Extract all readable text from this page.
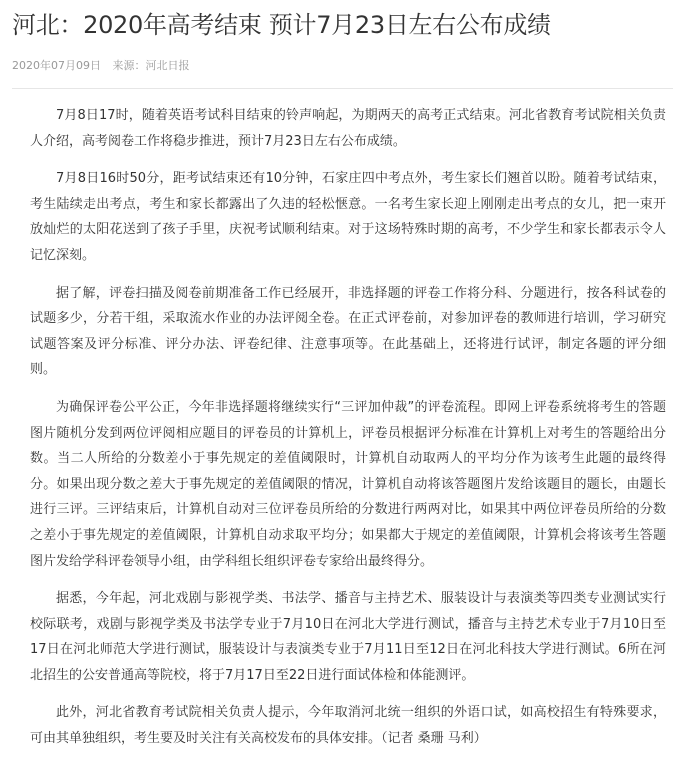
河北：2020年高考结束 预计7月23日左右公布成绩
2020年07月09日 来源：河北日报

7月8日17时，随着英语考试科目结束的铃声响起，为期两天的高考正式结束。河北省教育考试院相关负责人介绍，高考阅卷工作将稳步推进，预计7月23日左右公布成绩。

7月8日16时50分，距考试结束还有10分钟，石家庄四中考点外，考生家长们翘首以盼。随着考试结束，考生陆续走出考点，考生和家长都露出了久违的轻松惬意。一名考生家长迎上刚刚走出考点的女儿，把一束开放灿烂的太阳花送到了孩子手里，庆祝考试顺利结束。对于这场特殊时期的高考，不少学生和家长都表示令人记忆深刻。

据了解，评卷扫描及阅卷前期准备工作已经展开，非选择题的评卷工作将分科、分题进行，按各科试卷的试题多少，分若干组，采取流水作业的办法评阅全卷。在正式评卷前，对参加评卷的教师进行培训，学习研究试题答案及评分标准、评分办法、评卷纪律、注意事项等。在此基础上，还将进行试评，制定各题的评分细则。

为确保评卷公平公正，今年非选择题将继续实行“三评加仲裁”的评卷流程。即网上评卷系统将考生的答题图片随机分发到两位评阅相应题目的评卷员的计算机上，评卷员根据评分标准在计算机上对考生的答题给出分数。当二人所给的分数差小于事先规定的差值阈限时，计算机自动取两人的平均分作为该考生此题的最终得分。如果出现分数之差大于事先规定的差值阈限的情况，计算机自动将该答题图片发给该题目的题长，由题长进行三评。三评结束后，计算机自动对三位评卷员所给的分数进行两两对比，如果其中两位评卷员所给的分数之差小于事先规定的差值阈限，计算机自动求取平均分；如果都大于规定的差值阈限，计算机会将该考生答题图片发给学科评卷领导小组，由学科组长组织评卷专家给出最终得分。

据悉，今年起，河北戏剧与影视学类、书法学、播音与主持艺术、服装设计与表演类等四类专业测试实行校际联考，戏剧与影视学类及书法学专业于7月10日在河北大学进行测试，播音与主持艺术专业于7月10日至17日在河北师范大学进行测试，服装设计与表演类专业于7月11日至12日在河北科技大学进行测试。6所在河北招生的公安普通高等院校，将于7月17日至22日进行面试体检和体能测评。

此外，河北省教育考试院相关负责人提示，今年取消河北统一组织的外语口试，如高校招生有特殊要求，可由其单独组织，考生要及时关注有关高校发布的具体安排。（记者 桑珊 马利）
